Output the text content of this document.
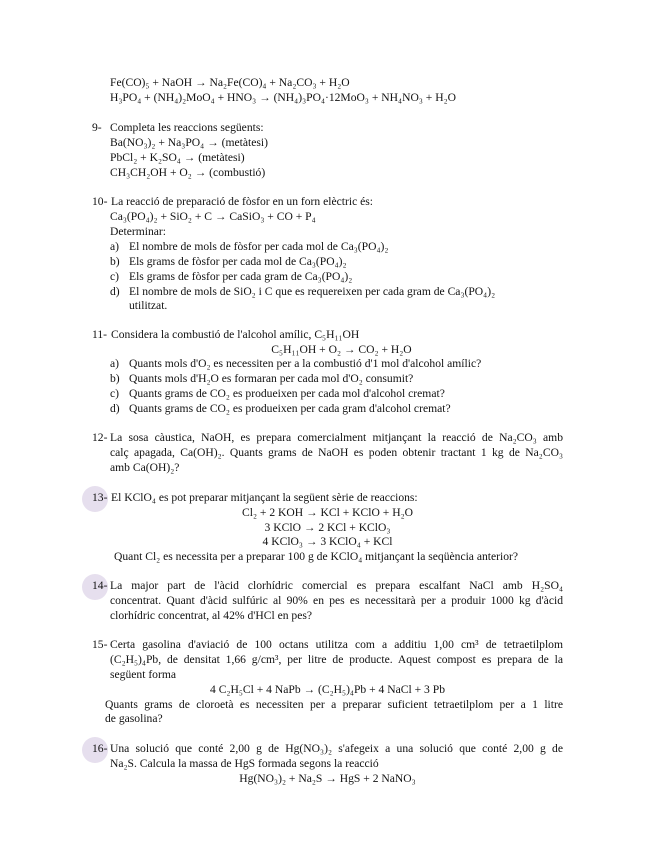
Fe(CO)₅ + NaOH → Na₂Fe(CO)₄ + Na₂CO₃ + H₂O
H₃PO₄ + (NH₄)₂MoO₄ + HNO₃ → (NH₄)₃PO₄·12MoO₃ + NH₄NO₃ + H₂O
9- Completa les reaccions següents:
Ba(NO₃)₂ + Na₃PO₄ → (metàtesi)
PbCl₂ + K₂SO₄ → (metàtesi)
CH₃CH₂OH + O₂ → (combustió)
10- La reacció de preparació de fòsfor en un forn elèctric és:
Ca₃(PO₄)₂ + SiO₂ + C → CaSiO₃ + CO + P₄
Determinar:
a) El nombre de mols de fòsfor per cada mol de Ca₃(PO₄)₂
b) Els grams de fòsfor per cada mol de Ca₃(PO₄)₂
c) Els grams de fòsfor per cada gram de Ca₃(PO₄)₂
d) El nombre de mols de SiO₂ i C que es requereixen per cada gram de Ca₃(PO₄)₂
utilitzat.
11- Considera la combustió de l'alcohol amílic, C₅H₁₁OH
C₅H₁₁OH + O₂ → CO₂ + H₂O
a) Quants mols d'O₂ es necessiten per a la combustió d'1 mol d'alcohol amílic?
b) Quants mols d'H₂O es formaran per cada mol d'O₂ consumit?
c) Quants grams de CO₂ es produeixen per cada mol d'alcohol cremat?
d) Quants grams de CO₂ es produeixen per cada gram d'alcohol cremat?
12- La sosa càustica, NaOH, es prepara comercialment mitjançant la reacció de Na₂CO₃ amb
calç apagada, Ca(OH)₂. Quants grams de NaOH es poden obtenir tractant 1 kg de Na₂CO₃
amb Ca(OH)₂?
13- El KClO₄ es pot preparar mitjançant la següent sèrie de reaccions:
Cl₂ + 2 KOH → KCl + KClO + H₂O
3 KClO → 2 KCl + KClO₃
4 KClO₃ → 3 KClO₄ + KCl
Quant Cl₂ es necessita per a preparar 100 g de KClO₄ mitjançant la seqüència anterior?
14- La major part de l'àcid clorhídric comercial es prepara escalfant NaCl amb H₂SO₄
concentrat. Quant d'àcid sulfúric al 90% en pes es necessitarà per a produir 1000 kg d'àcid
clorhídric concentrat, al 42% d'HCl en pes?
15- Certa gasolina d'aviació de 100 octans utilitza com a additiu 1,00 cm³ de tetraetilplom
(C₂H₅)₄Pb, de densitat 1,66 g/cm³, per litre de producte. Aquest compost es prepara de la
següent forma
4 C₂H₅Cl + 4 NaPb → (C₂H₅)₄Pb + 4 NaCl + 3 Pb
Quants grams de cloroetà es necessiten per a preparar suficient tetraetilplom per a 1 litre
de gasolina?
16- Una solució que conté 2,00 g de Hg(NO₃)₂ s'afegeix a una solució que conté 2,00 g de
Na₂S. Calcula la massa de HgS formada segons la reacció
Hg(NO₃)₂ + Na₂S → HgS + 2 NaNO₃
